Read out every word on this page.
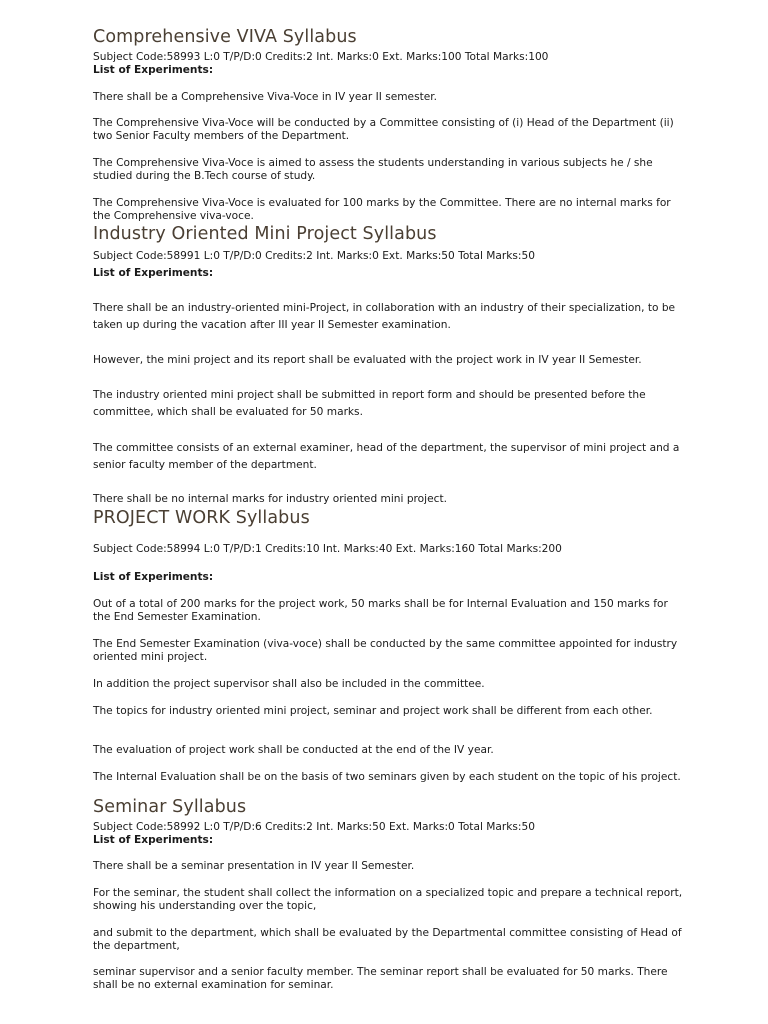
Comprehensive VIVA Syllabus
Subject Code:58993 L:0 T/P/D:0 Credits:2 Int. Marks:0 Ext. Marks:100 Total Marks:100
List of Experiments:

There shall be a Comprehensive Viva-Voce in IV year II semester.

The Comprehensive Viva-Voce will be conducted by a Committee consisting of (i) Head of the Department (ii) two Senior Faculty members of the Department.

The Comprehensive Viva-Voce is aimed to assess the students understanding in various subjects he / she studied during the B.Tech course of study.

The Comprehensive Viva-Voce is evaluated for 100 marks by the Committee. There are no internal marks for the Comprehensive viva-voce.

Industry Oriented Mini Project Syllabus
Subject Code:58991 L:0 T/P/D:0 Credits:2 Int. Marks:0 Ext. Marks:50 Total Marks:50
List of Experiments:

There shall be an industry-oriented mini-Project, in collaboration with an industry of their specialization, to be taken up during the vacation after III year II Semester examination.

However, the mini project and its report shall be evaluated with the project work in IV year II Semester.

The industry oriented mini project shall be submitted in report form and should be presented before the committee, which shall be evaluated for 50 marks.

The committee consists of an external examiner, head of the department, the supervisor of mini project and a senior faculty member of the department.

There shall be no internal marks for industry oriented mini project.

PROJECT WORK Syllabus
Subject Code:58994 L:0 T/P/D:1 Credits:10 Int. Marks:40 Ext. Marks:160 Total Marks:200
List of Experiments:

Out of a total of 200 marks for the project work, 50 marks shall be for Internal Evaluation and 150 marks for the End Semester Examination.

The End Semester Examination (viva-voce) shall be conducted by the same committee appointed for industry oriented mini project.

In addition the project supervisor shall also be included in the committee.

The topics for industry oriented mini project, seminar and project work shall be different from each other.

The evaluation of project work shall be conducted at the end of the IV year.

The Internal Evaluation shall be on the basis of two seminars given by each student on the topic of his project.

Seminar Syllabus
Subject Code:58992 L:0 T/P/D:6 Credits:2 Int. Marks:50 Ext. Marks:0 Total Marks:50
List of Experiments:

There shall be a seminar presentation in IV year II Semester.

For the seminar, the student shall collect the information on a specialized topic and prepare a technical report, showing his understanding over the topic,

and submit to the department, which shall be evaluated by the Departmental committee consisting of Head of the department,

seminar supervisor and a senior faculty member. The seminar report shall be evaluated for 50 marks. There shall be no external examination for seminar.
